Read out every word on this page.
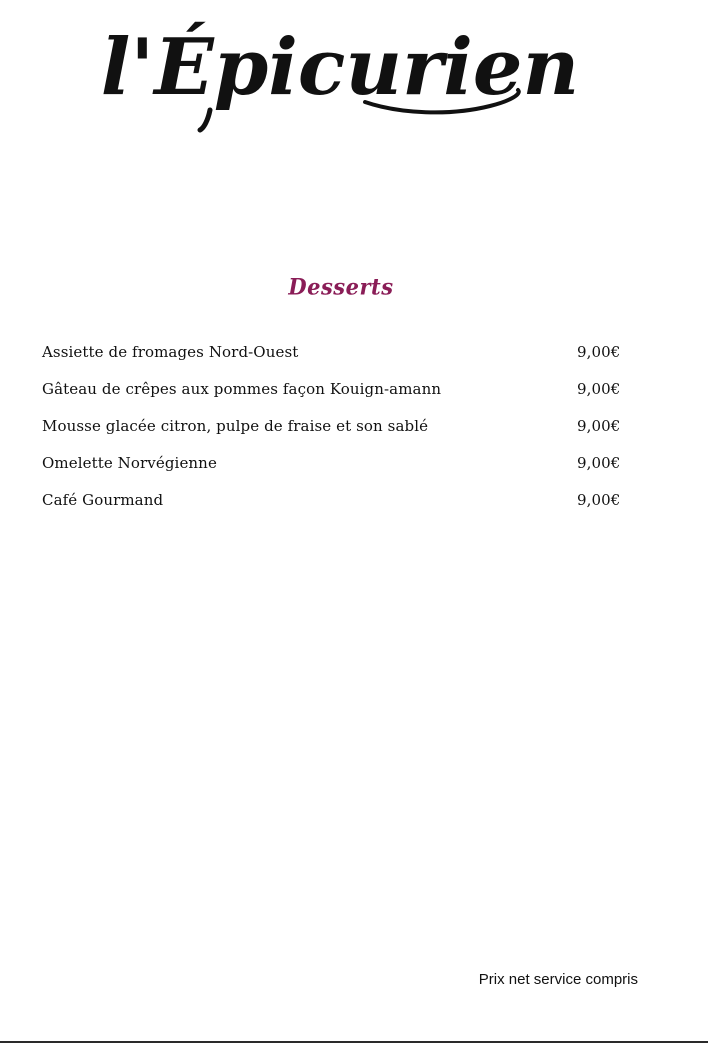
l'Épicurien
Desserts
Assiette de fromages Nord-Ouest	9,00€
Gâteau de crêpes aux pommes façon Kouign-amann	9,00€
Mousse glacée citron, pulpe de fraise et son sablé	9,00€
Omelette Norvégienne	9,00€
Café Gourmand	9,00€

Prix net service compris
